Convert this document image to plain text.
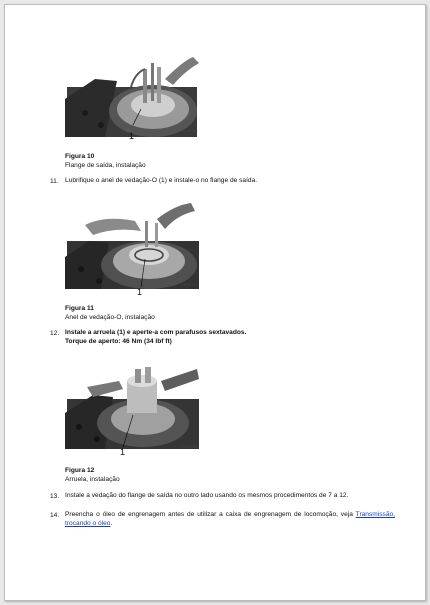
1	V1086706
Figura 10
Flange de saída, instalação
11. Lubrifique o anel de vedação-O (1) e instale-o no flange de saída.
1
V1086707
Figura 11
Anel de vedação-O, instalação
12. Instale a arruela (1) e aperte-a com parafusos sextavados.
Torque de aperto: 46 Nm (34 lbf ft)
1	V1086708
Figura 12
Arruela, instalação
13. Instale a vedação do flange de saída no outro lado usando os mesmos procedimentos de 7 a 12.
14. Preencha o óleo de engrenagem antes de utilizar a caixa de engrenagem de locomoção, veja Transmissão, trocando o óleo.
